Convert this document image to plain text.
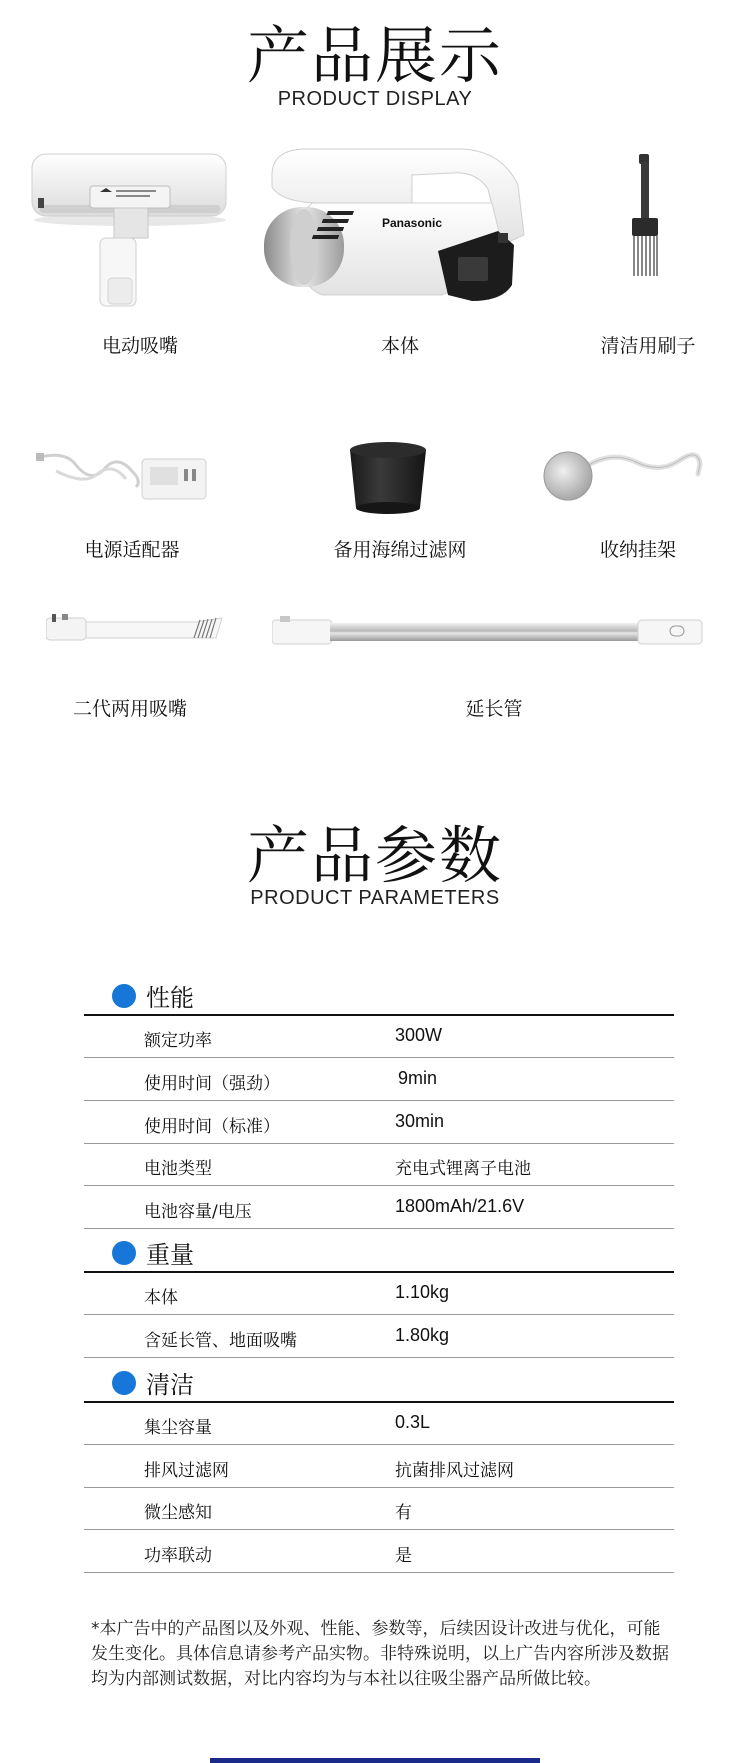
产品展示
PRODUCT DISPLAY
电动吸嘴
Panasonic
本体	清洁用刷子
电源适配器	备用海绵过滤网	收纳挂架
二代两用吸嘴	延长管
产品参数
PRODUCT PARAMETERS
性能
额定功率	300W
使用时间（强劲）	9min
使用时间（标准）	30min
电池类型	充电式锂离子电池
电池容量/电压	1800mAh/21.6V
重量
本体	1.10kg
含延长管、地面吸嘴	1.80kg
清洁
集尘容量	0.3L
排风过滤网	抗菌排风过滤网
微尘感知	有
功率联动	是
*本广告中的产品图以及外观、性能、参数等，后续因设计改进与优化，可能发生变化。具体信息请参考产品实物。非特殊说明，以上广告内容所涉及数据均为内部测试数据，对比内容均为与本社以往吸尘器产品所做比较。
